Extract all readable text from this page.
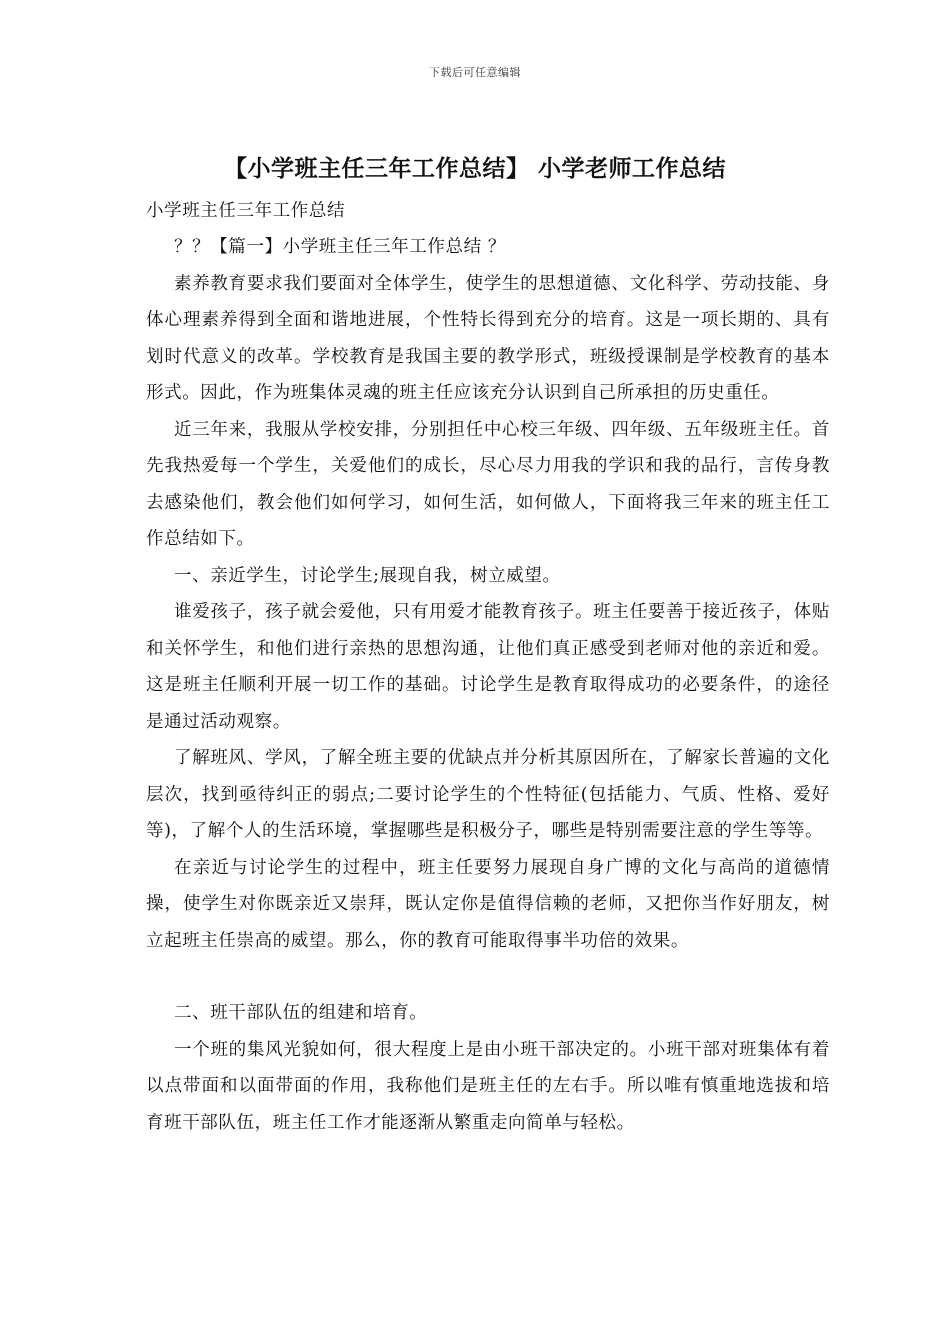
下载后可任意编辑
【小学班主任三年工作总结】 小学老师工作总结

小学班主任三年工作总结

？？【篇一】小学班主任三年工作总结 ？

素养教育要求我们要面对全体学生，使学生的思想道德、文化科学、劳动技能、身体心理素养得到全面和谐地进展，个性特长得到充分的培育。这是一项长期的、具有划时代意义的改革。学校教育是我国主要的教学形式，班级授课制是学校教育的基本形式。因此，作为班集体灵魂的班主任应该充分认识到自己所承担的历史重任。

近三年来，我服从学校安排，分别担任中心校三年级、四年级、五年级班主任。首先我热爱每一个学生，关爱他们的成长，尽心尽力用我的学识和我的品行，言传身教去感染他们，教会他们如何学习，如何生活，如何做人，下面将我三年来的班主任工作总结如下。

一、亲近学生，讨论学生;展现自我，树立威望。

谁爱孩子，孩子就会爱他，只有用爱才能教育孩子。班主任要善于接近孩子，体贴和关怀学生，和他们进行亲热的思想沟通，让他们真正感受到老师对他的亲近和爱。这是班主任顺利开展一切工作的基础。讨论学生是教育取得成功的必要条件，的途径是通过活动观察。

了解班风、学风，了解全班主要的优缺点并分析其原因所在，了解家长普遍的文化层次，找到亟待纠正的弱点;二要讨论学生的个性特征(包括能力、气质、性格、爱好等)，了解个人的生活环境，掌握哪些是积极分子，哪些是特别需要注意的学生等等。

在亲近与讨论学生的过程中，班主任要努力展现自身广博的文化与高尚的道德情操，使学生对你既亲近又崇拜，既认定你是值得信赖的老师，又把你当作好朋友，树立起班主任崇高的威望。那么，你的教育可能取得事半功倍的效果。

二、班干部队伍的组建和培育。

一个班的集风光貌如何，很大程度上是由小班干部决定的。小班干部对班集体有着以点带面和以面带面的作用，我称他们是班主任的左右手。所以唯有慎重地选拔和培育班干部队伍，班主任工作才能逐渐从繁重走向简单与轻松。
